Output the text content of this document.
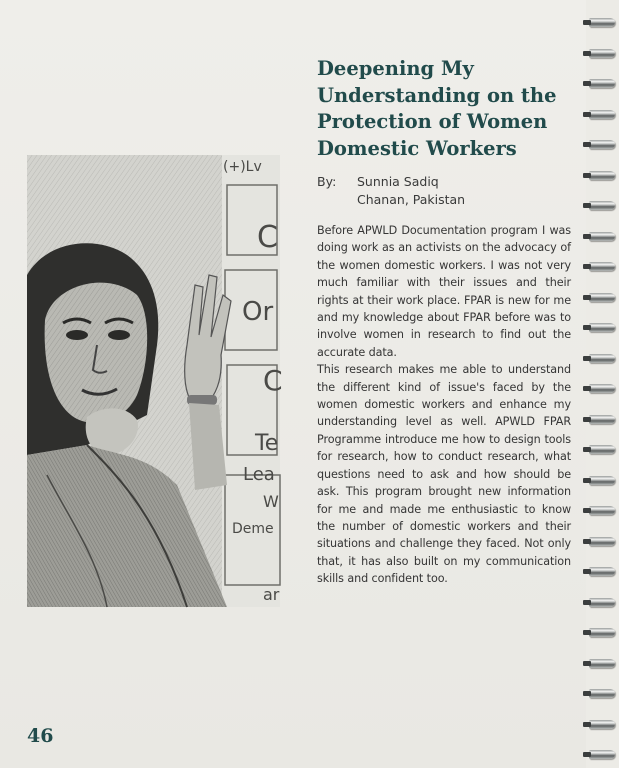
(+)Lv
C
Or
C
Te
Lea
W
Deme
ar
Deepening My Understanding on the Protection of Women Domestic Workers
By: Sunnia Sadiq
Chanan, Pakistan

Before APWLD Documentation program I was doing work as an activists on the advocacy of the women domestic workers. I was not very much familiar with their issues and their rights at their work place. FPAR is new for me and my knowledge about FPAR before was to involve women in research to find out the accurate data.

This research makes me able to understand the different kind of issue's faced by the women domestic workers and enhance my understanding level as well. APWLD FPAR Programme introduce me how to design tools for research, how to conduct research, what questions need to ask and how should be ask. This program brought new information for me and made me enthusiastic to know the number of domestic workers and their situations and challenge they faced. Not only that, it has also built on my communication skills and confident too.

46
